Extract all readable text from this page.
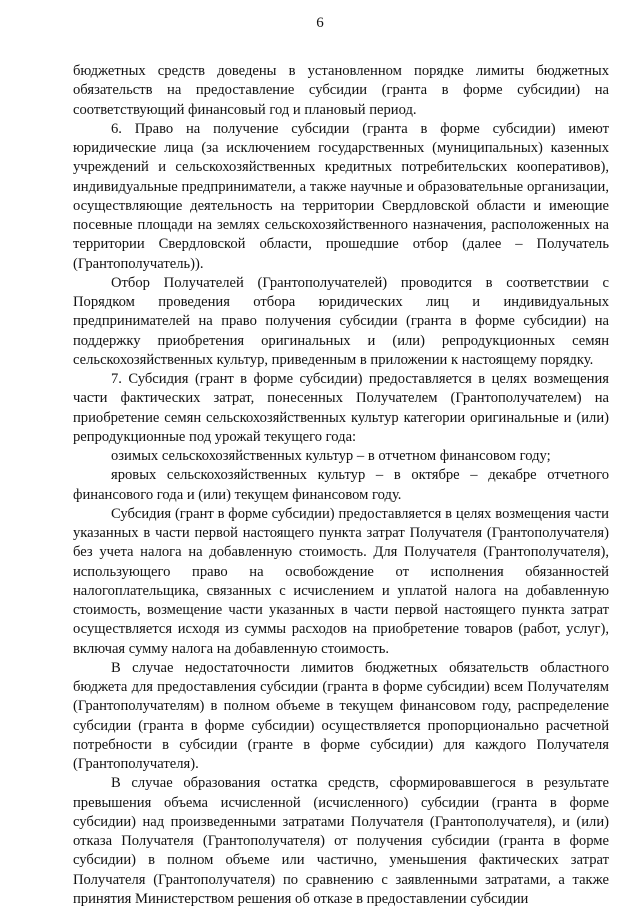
6

бюджетных средств доведены в установленном порядке лимиты бюджетных обязательств на предоставление субсидии (гранта в форме субсидии) на соответствующий финансовый год и плановый период.

6. Право на получение субсидии (гранта в форме субсидии) имеют юридические лица (за исключением государственных (муниципальных) казенных учреждений и сельскохозяйственных кредитных потребительских кооперативов), индивидуальные предприниматели, а также научные и образовательные организации, осуществляющие деятельность на территории Свердловской области и имеющие посевные площади на землях сельскохозяйственного назначения, расположенных на территории Свердловской области, прошедшие отбор (далее – Получатель (Грантополучатель)).

Отбор Получателей (Грантополучателей) проводится в соответствии с Порядком проведения отбора юридических лиц и индивидуальных предпринимателей на право получения субсидии (гранта в форме субсидии) на поддержку приобретения оригинальных и (или) репродукционных семян сельскохозяйственных культур, приведенным в приложении к настоящему порядку.

7. Субсидия (грант в форме субсидии) предоставляется в целях возмещения части фактических затрат, понесенных Получателем (Грантополучателем) на приобретение семян сельскохозяйственных культур категории оригинальные и (или) репродукционные под урожай текущего года:

озимых сельскохозяйственных культур – в отчетном финансовом году;

яровых сельскохозяйственных культур – в октябре – декабре отчетного финансового года и (или) текущем финансовом году.

Субсидия (грант в форме субсидии) предоставляется в целях возмещения части указанных в части первой настоящего пункта затрат Получателя (Грантополучателя) без учета налога на добавленную стоимость. Для Получателя (Грантополучателя), использующего право на освобождение от исполнения обязанностей налогоплательщика, связанных с исчислением и уплатой налога на добавленную стоимость, возмещение части указанных в части первой настоящего пункта затрат осуществляется исходя из суммы расходов на приобретение товаров (работ, услуг), включая сумму налога на добавленную стоимость.

В случае недостаточности лимитов бюджетных обязательств областного бюджета для предоставления субсидии (гранта в форме субсидии) всем Получателям (Грантополучателям) в полном объеме в текущем финансовом году, распределение субсидии (гранта в форме субсидии) осуществляется пропорционально расчетной потребности в субсидии (гранте в форме субсидии) для каждого Получателя (Грантополучателя).

В случае образования остатка средств, сформировавшегося в результате превышения объема исчисленной (исчисленного) субсидии (гранта в форме субсидии) над произведенными затратами Получателя (Грантополучателя), и (или) отказа Получателя (Грантополучателя) от получения субсидии (гранта в форме субсидии) в полном объеме или частично, уменьшения фактических затрат Получателя (Грантополучателя) по сравнению с заявленными затратами, а также принятия Министерством решения об отказе в предоставлении субсидии
